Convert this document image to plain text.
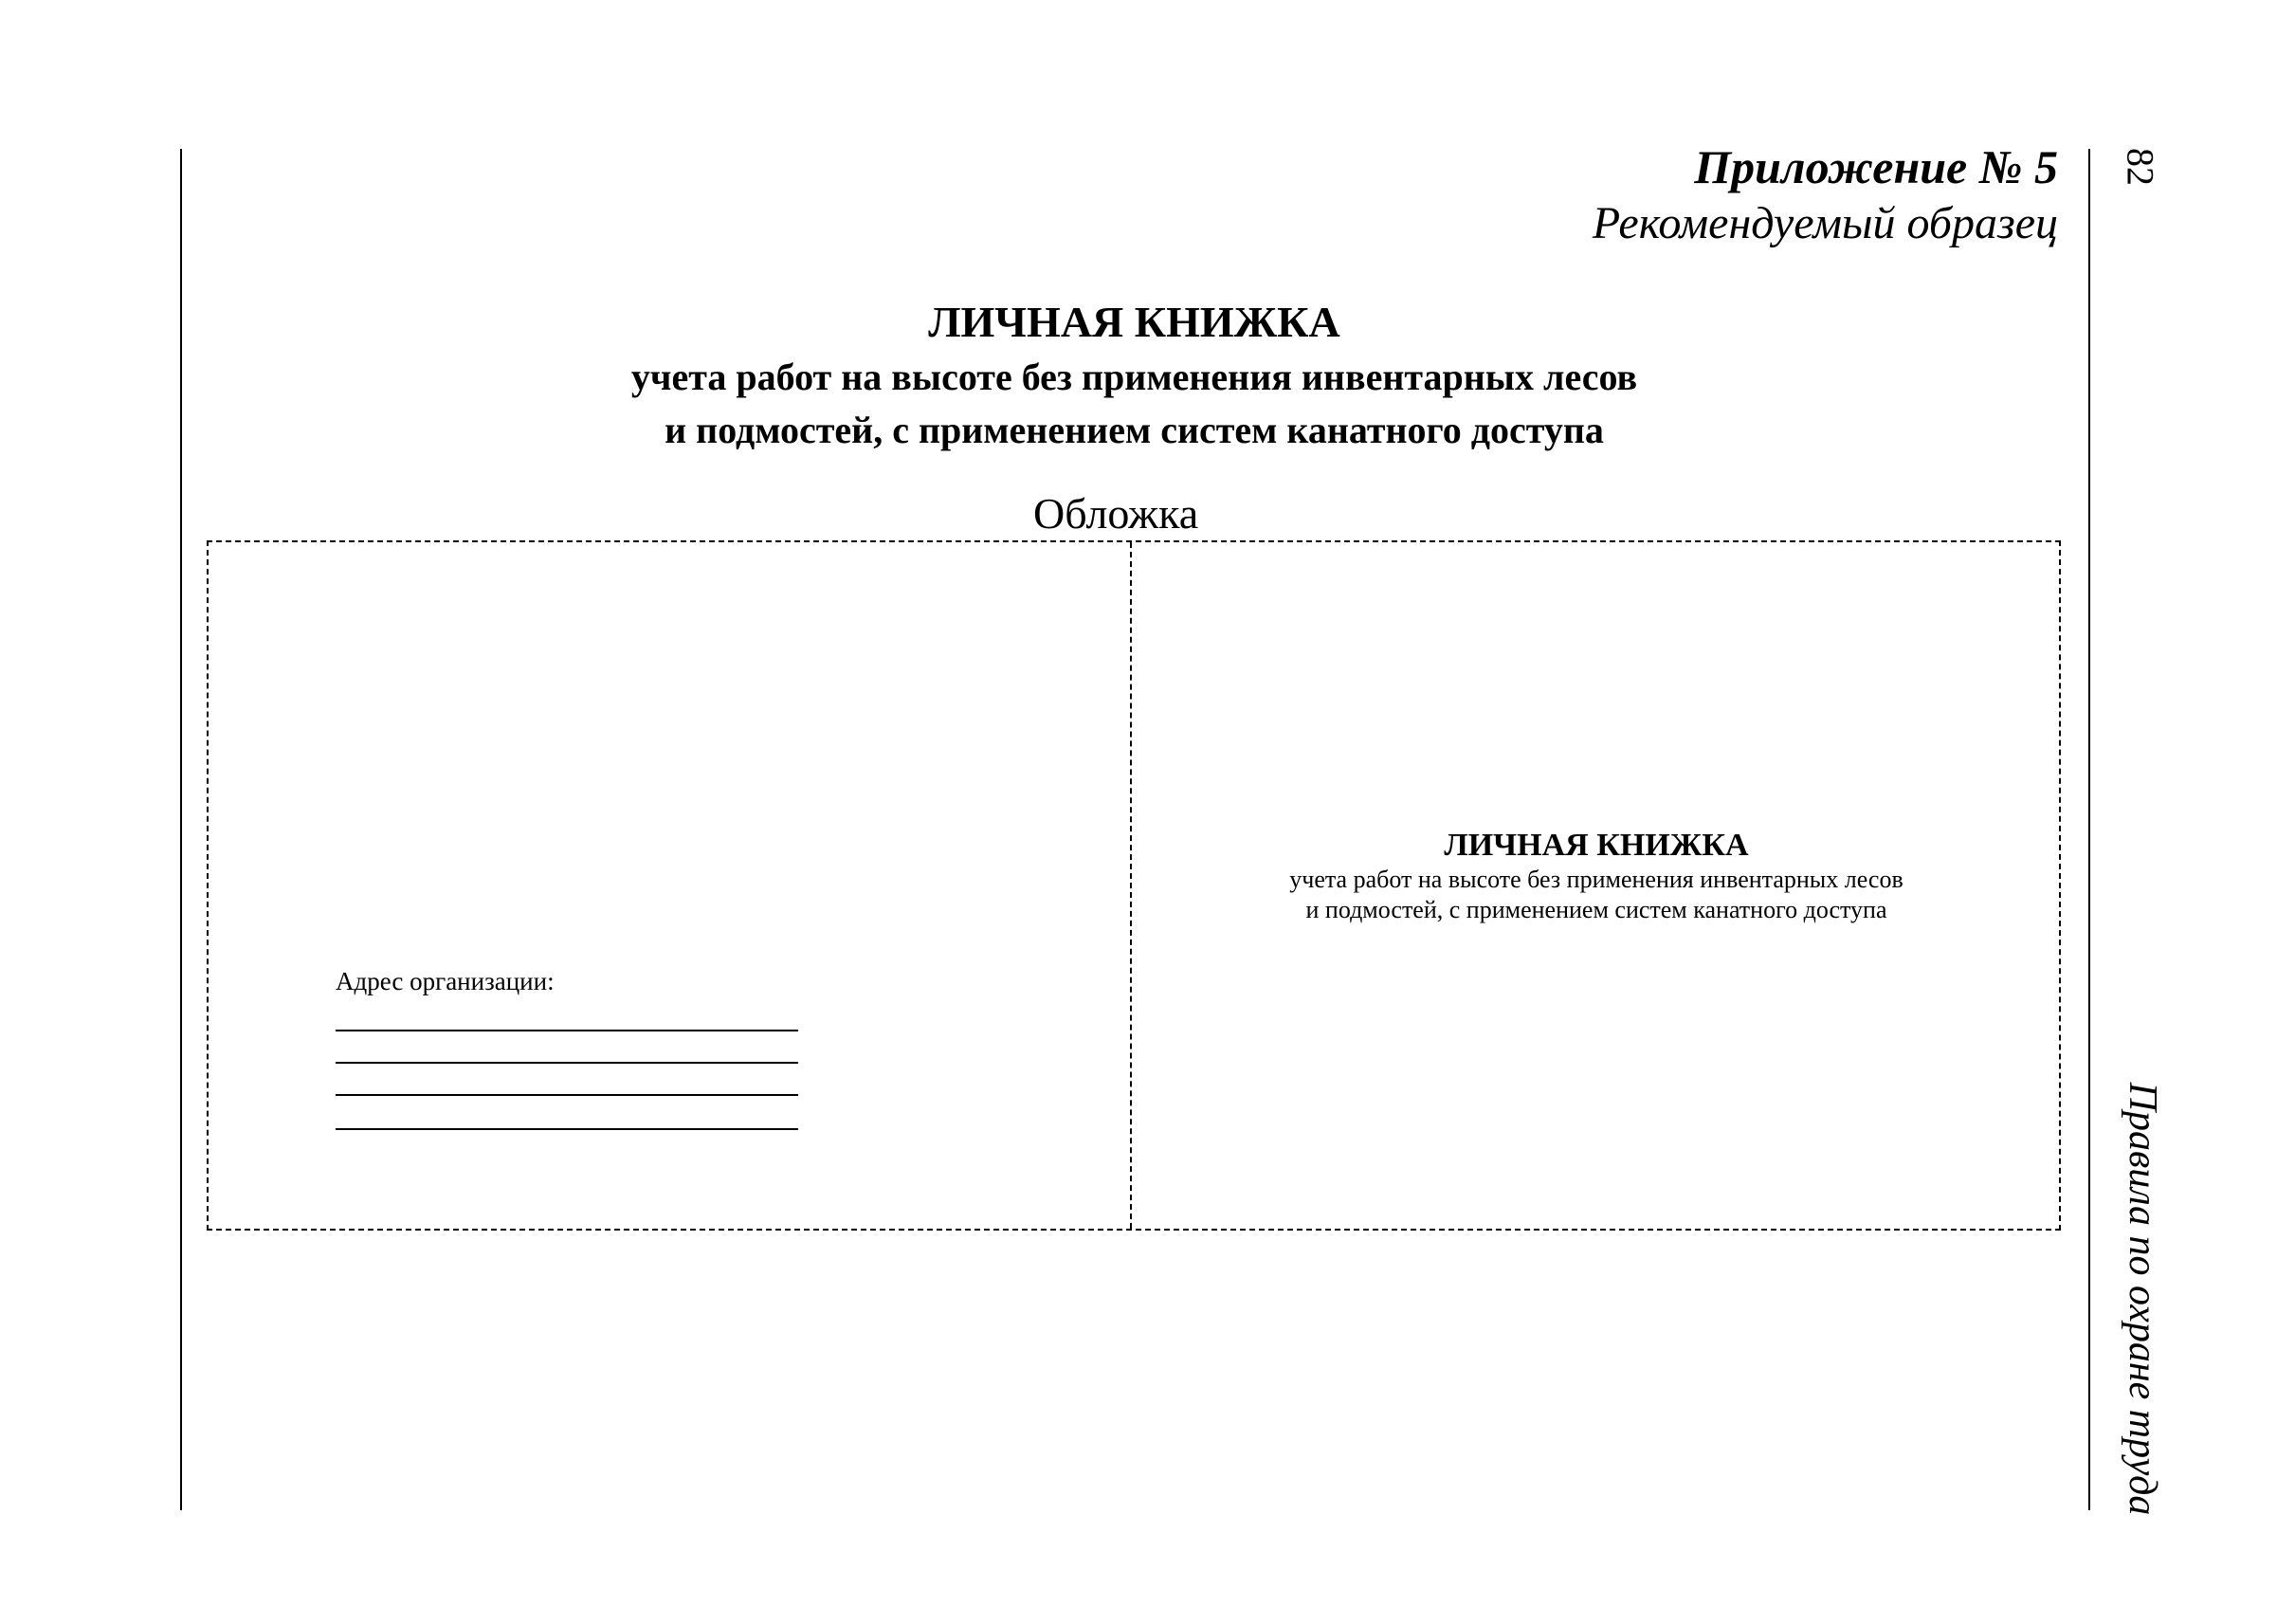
82
Правила по охране труда
Приложение № 5
Рекомендуемый образец
ЛИЧНАЯ КНИЖКА
учета работ на высоте без применения инвентарных лесов
и подмостей, с применением систем канатного доступа
Обложка
Адрес организации:
ЛИЧНАЯ КНИЖКА
учета работ на высоте без применения инвентарных лесов
и подмостей, с применением систем канатного доступа
